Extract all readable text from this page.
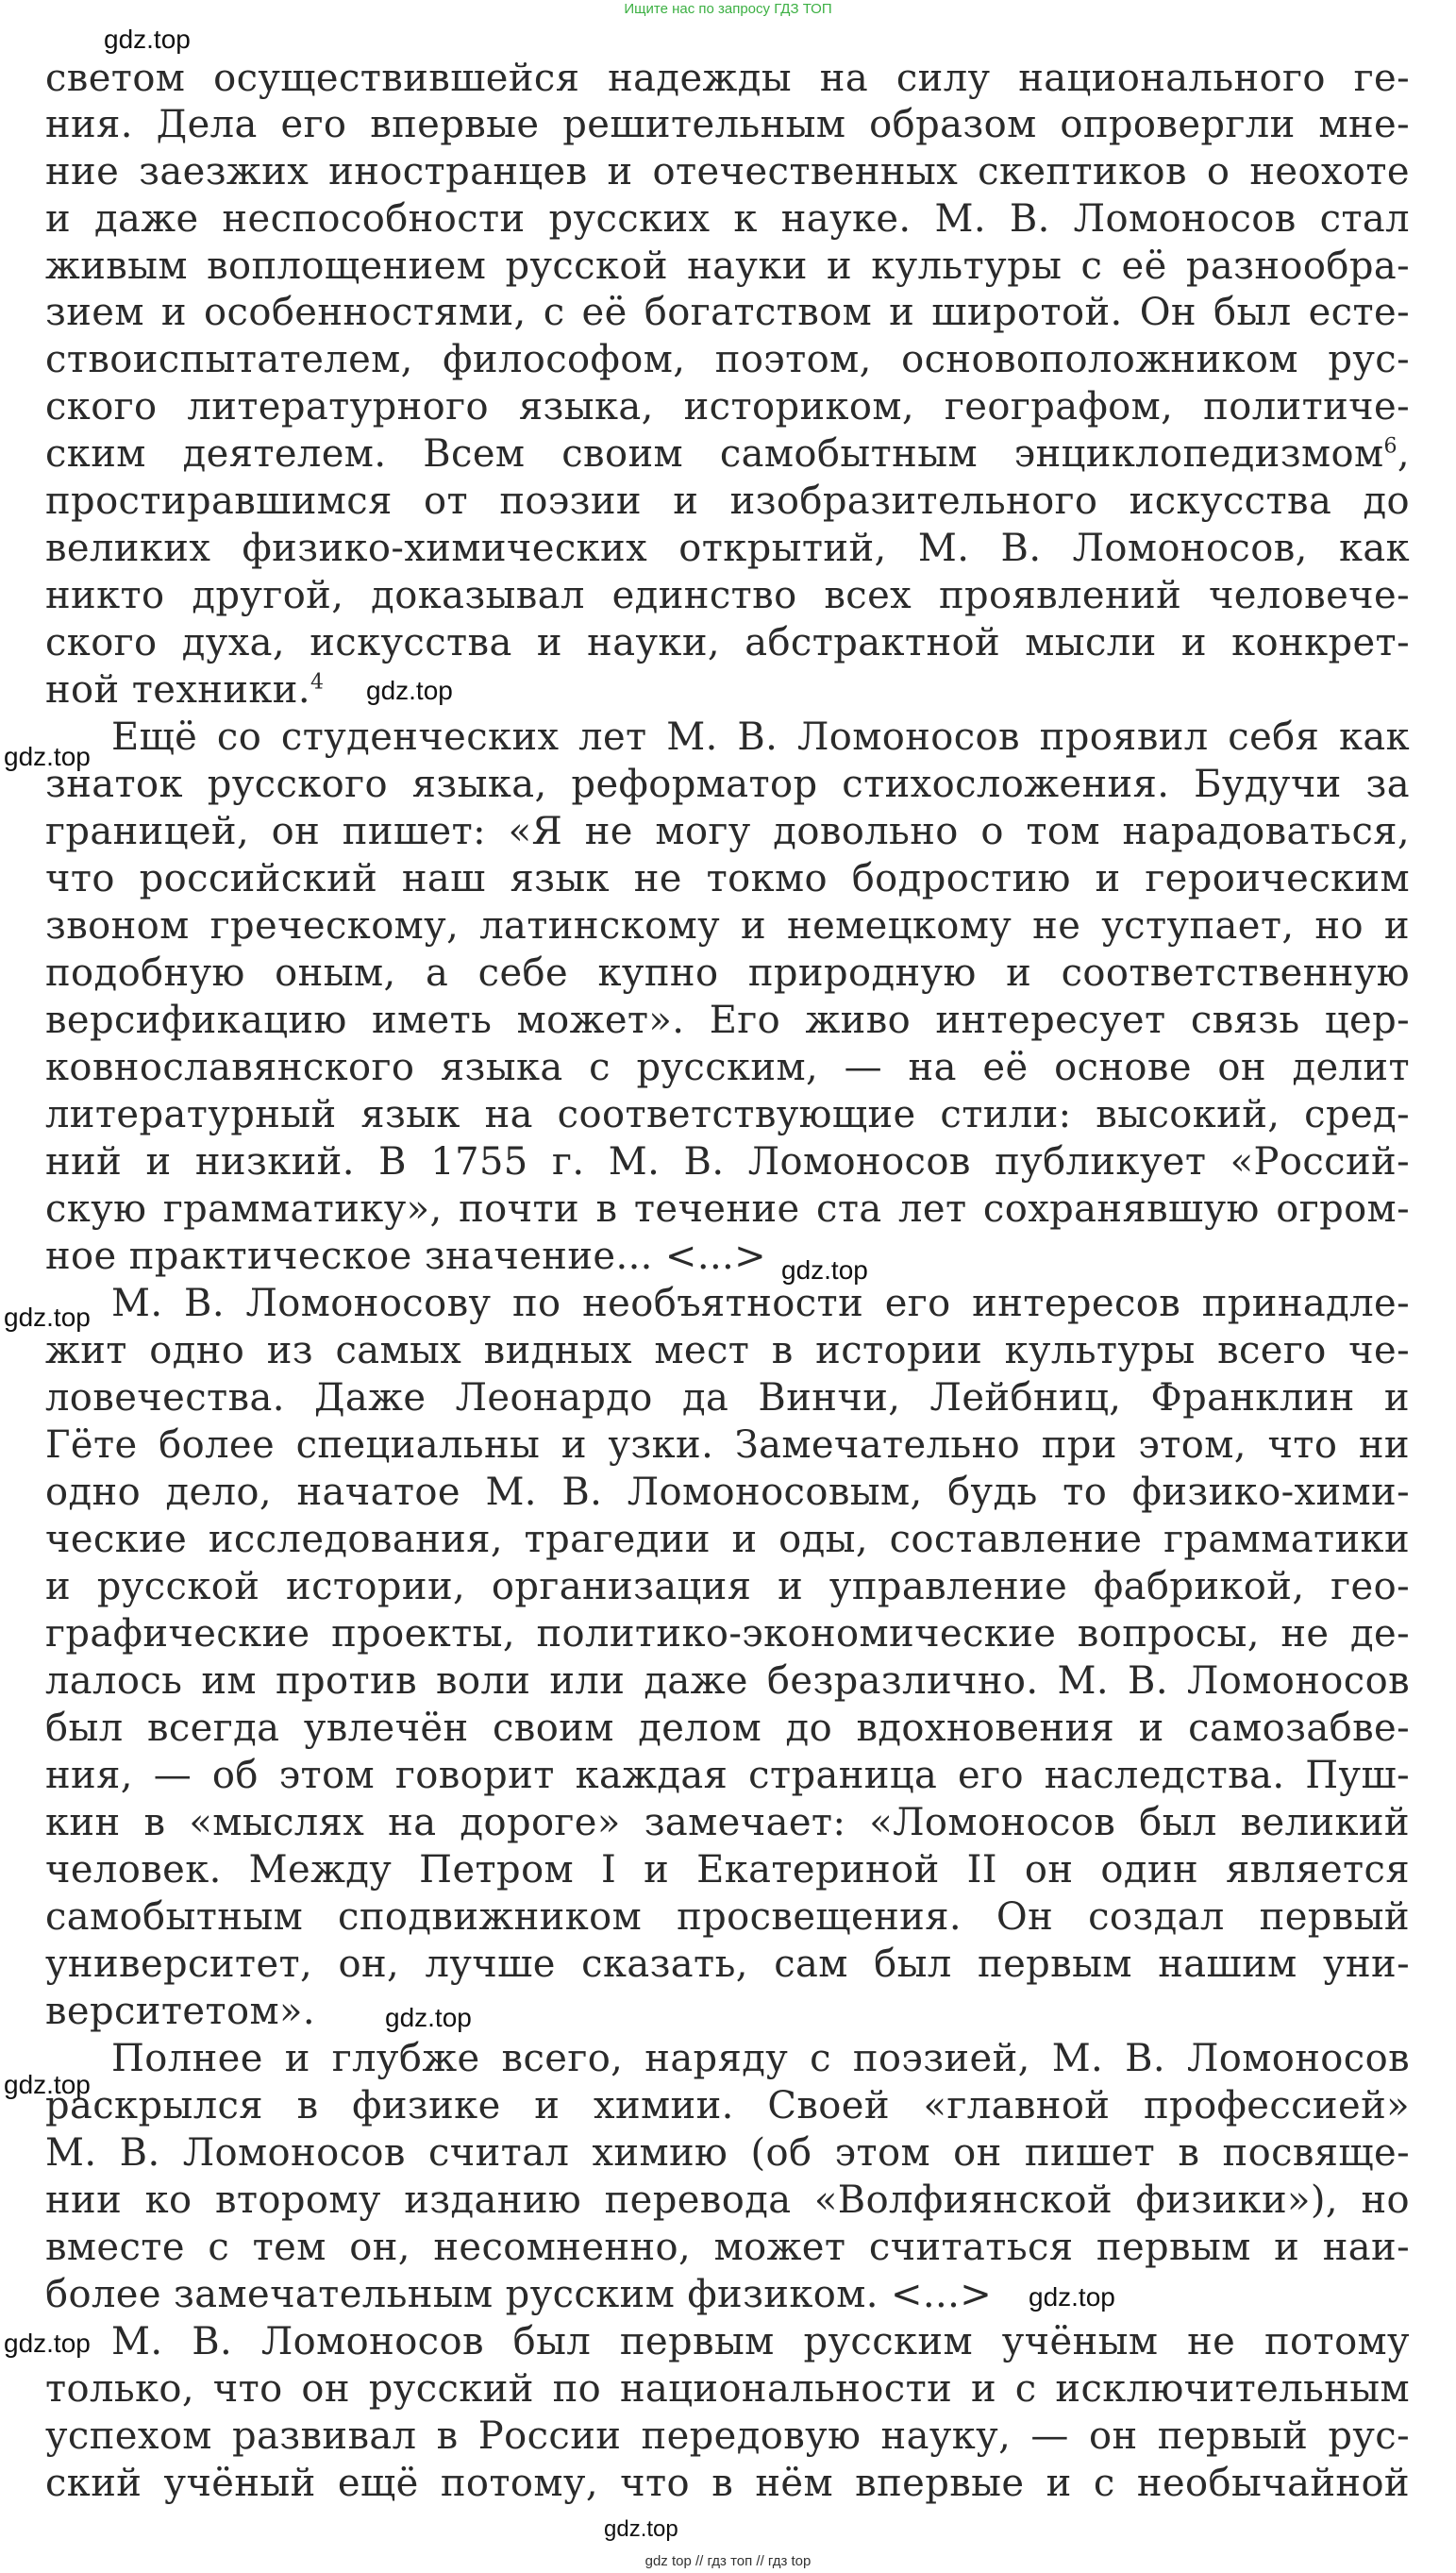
Ищите нас по запросу ГДЗ ТОП
светом осуществившейся надежды на силу национального ге-
ния. Дела его впервые решительным образом опровергли мне-
ние заезжих иностранцев и отечественных скептиков о неохоте
и даже неспособности русских к науке. М. В. Ломоносов стал
живым воплощением русской науки и культуры с её разнообра-
зием и особенностями, с её богатством и широтой. Он был есте-
ствоиспытателем, философом, поэтом, основоположником рус-
ского литературного языка, историком, географом, политиче-
ским деятелем. Всем своим самобытным энциклопедизмом$^6$,
простиравшимся от поэзии и изобразительного искусства до
великих физико-химических открытий, М. В. Ломоносов, как
никто другой, доказывал единство всех проявлений человече-
ского духа, искусства и науки, абстрактной мысли и конкрет-
ной техники.$^4$
Ещё со студенческих лет М. В. Ломоносов проявил себя как
знаток русского языка, реформатор стихосложения. Будучи за
границей, он пишет: «Я не могу довольно о том нарадоваться,
что российский наш язык не токмо бодростию и героическим
звоном греческому, латинскому и немецкому не уступает, но и
подобную оным, а себе купно природную и соответственную
версификацию иметь может». Его живо интересует связь цер-
ковнославянского языка с русским, — на её основе он делит
литературный язык на соответствующие стили: высокий, сред-
ний и низкий. В 1755 г. М. В. Ломоносов публикует «Россий-
скую грамматику», почти в течение ста лет сохранявшую огром-
ное практическое значение... <...>
М. В. Ломоносову по необъятности его интересов принадле-
жит одно из самых видных мест в истории культуры всего че-
ловечества. Даже Леонардо да Винчи, Лейбниц, Франклин и
Гёте более специальны и узки. Замечательно при этом, что ни
одно дело, начатое М. В. Ломоносовым, будь то физико-хими-
ческие исследования, трагедии и оды, составление грамматики
и русской истории, организация и управление фабрикой, гео-
графические проекты, политико-экономические вопросы, не де-
лалось им против воли или даже безразлично. М. В. Ломоносов
был всегда увлечён своим делом до вдохновения и самозабве-
ния, — об этом говорит каждая страница его наследства. Пуш-
кин в «мыслях на дороге» замечает: «Ломоносов был великий
человек. Между Петром I и Екатериной II он один является
самобытным сподвижником просвещения. Он создал первый
университет, он, лучше сказать, сам был первым нашим уни-
верситетом».
Полнее и глубже всего, наряду с поэзией, М. В. Ломоносов
раскрылся в физике и химии. Своей «главной профессией»
М. В. Ломоносов считал химию (об этом он пишет в посвяще-
нии ко второму изданию перевода «Волфиянской физики»), но
вместе с тем он, несомненно, может считаться первым и наи-
более замечательным русским физиком. <...>
М. В. Ломоносов был первым русским учёным не потому
только, что он русский по национальности и с исключительным
успехом развивал в России передовую науку, — он первый рус-
ский учёный ещё потому, что в нём впервые и с необычайной
gdz.top
gdz.top
gdz.top
gdz.top
gdz.top
gdz.top
gdz.top
gdz.top
gdz.top
gdz.top
gdz top // гдз топ // гдз top
